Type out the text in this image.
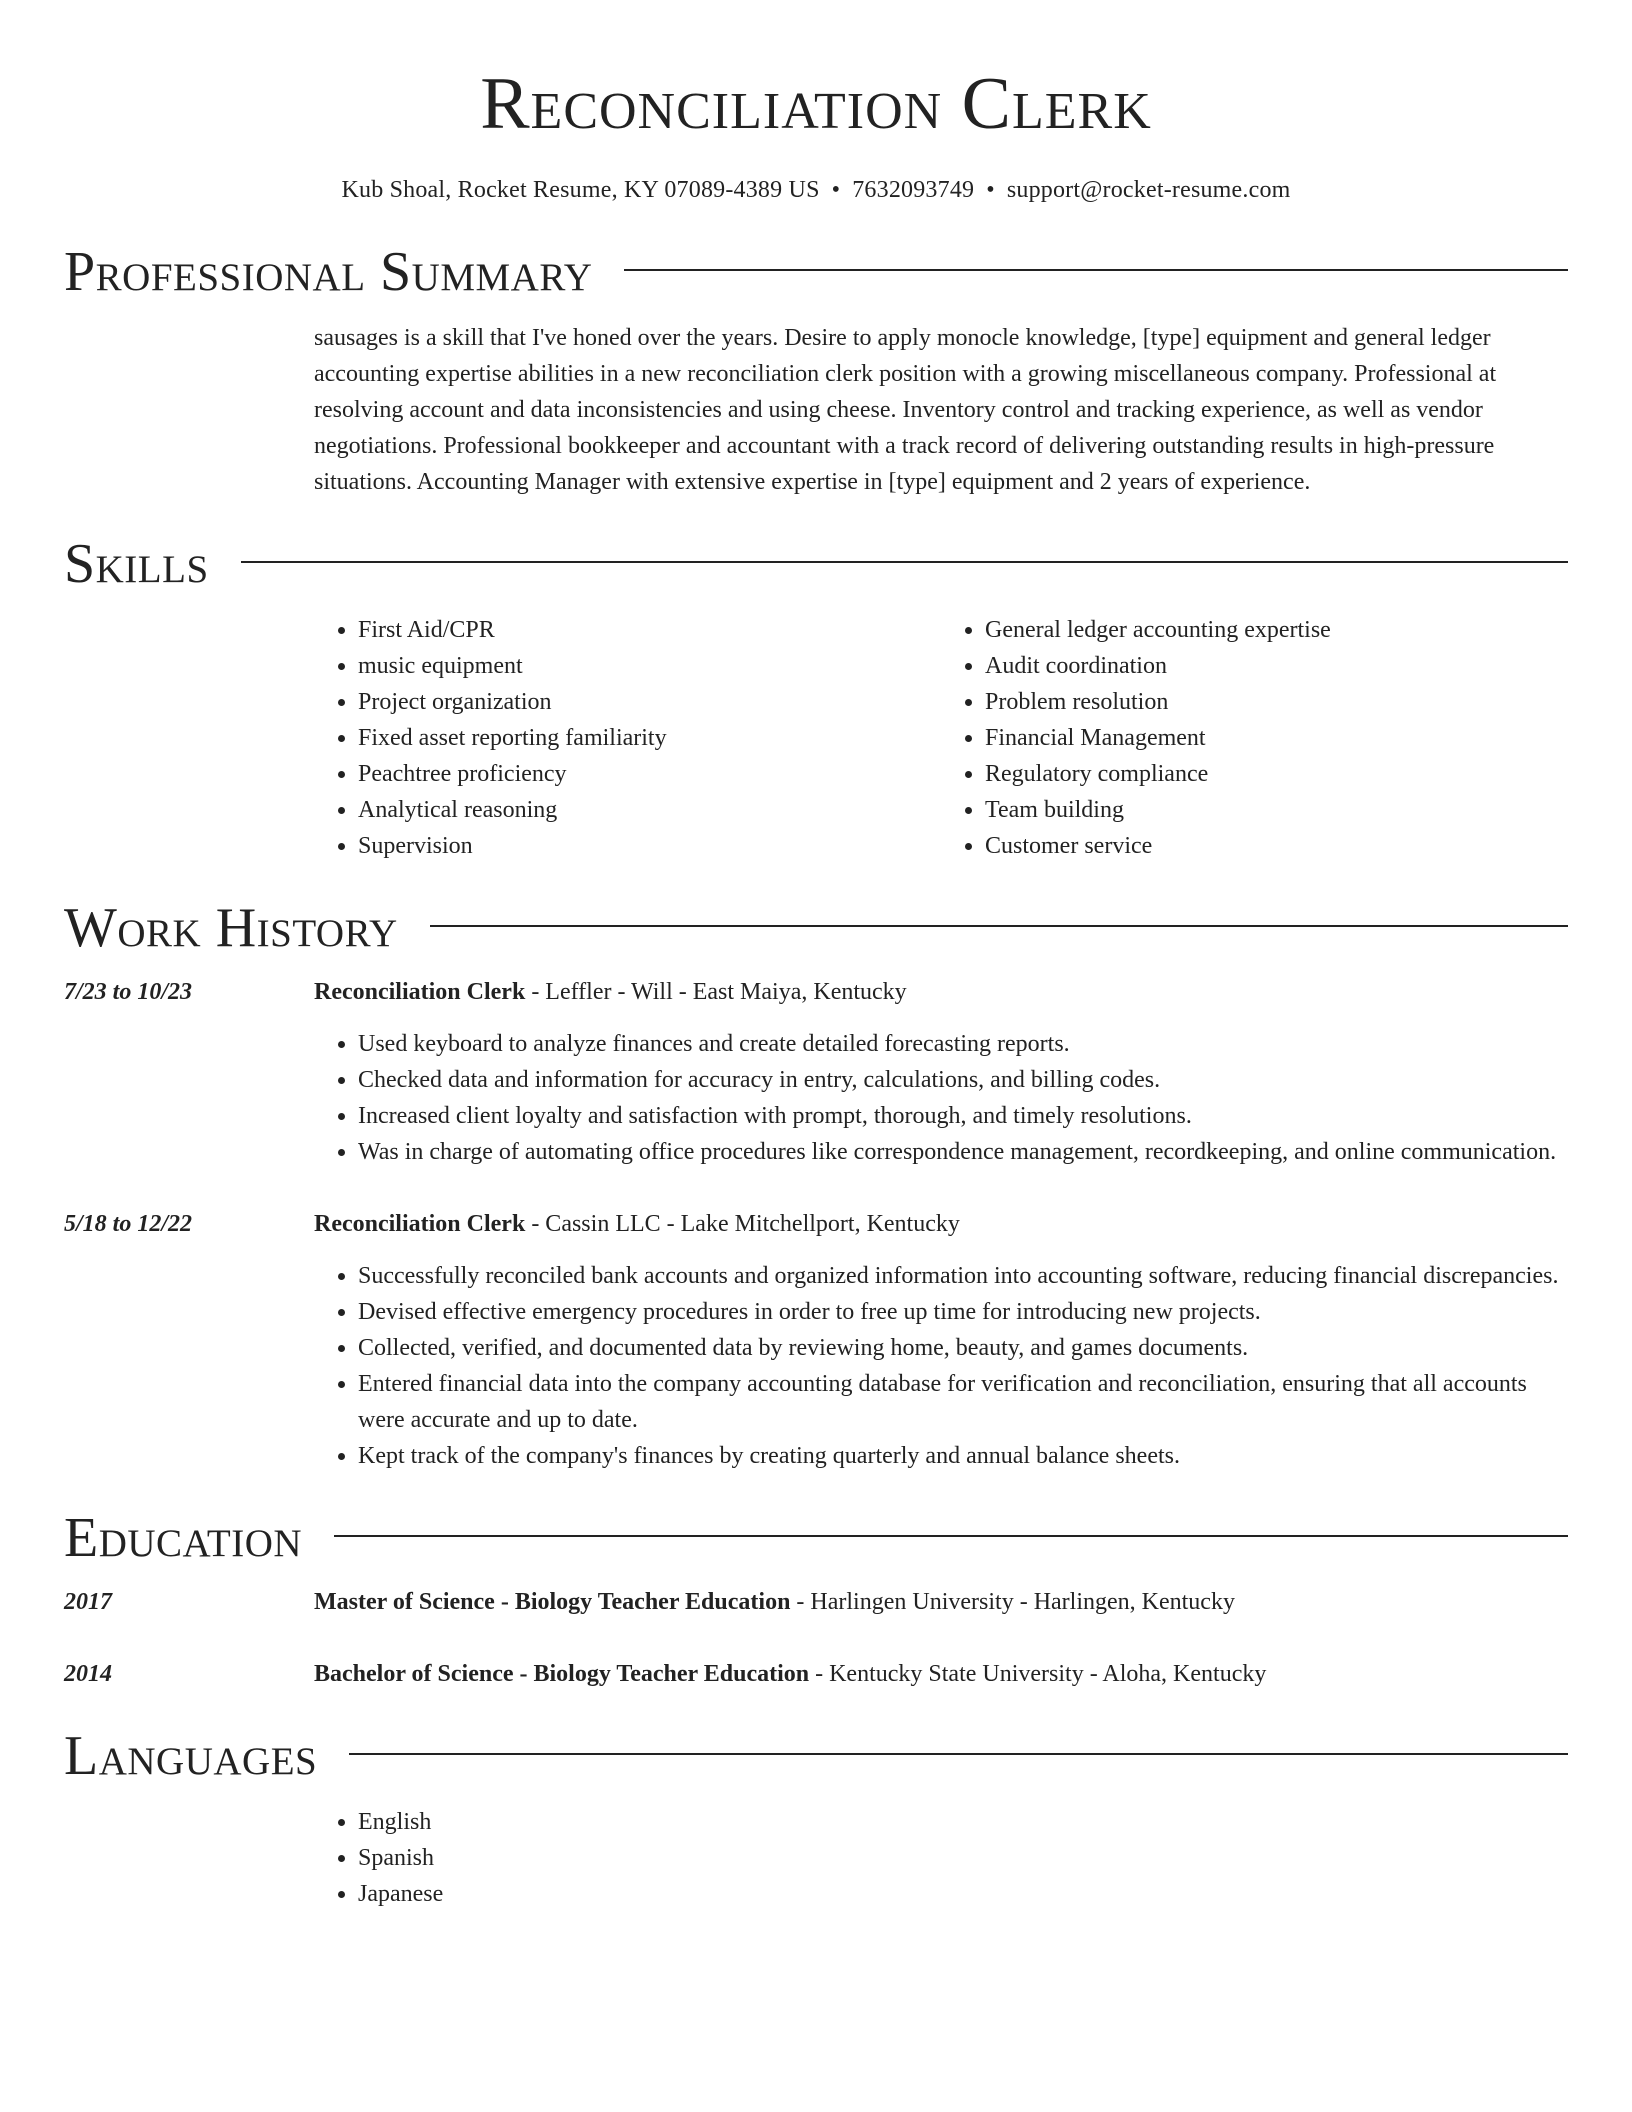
Reconciliation Clerk
Kub Shoal, Rocket Resume, KY 07089-4389 US • 7632093749 • support@rocket-resume.com
Professional Summary
sausages is a skill that I've honed over the years. Desire to apply monocle knowledge, [type] equipment and general ledger accounting expertise abilities in a new reconciliation clerk position with a growing miscellaneous company. Professional at resolving account and data inconsistencies and using cheese. Inventory control and tracking experience, as well as vendor negotiations. Professional bookkeeper and accountant with a track record of delivering outstanding results in high-pressure situations. Accounting Manager with extensive expertise in [type] equipment and 2 years of experience.
Skills
• First Aid/CPR
• music equipment
• Project organization
• Fixed asset reporting familiarity
• Peachtree proficiency
• Analytical reasoning
• Supervision
• General ledger accounting expertise
• Audit coordination
• Problem resolution
• Financial Management
• Regulatory compliance
• Team building
• Customer service
Work History
7/23 to 10/23	Reconciliation Clerk - Leffler - Will - East Maiya, Kentucky
• Used keyboard to analyze finances and create detailed forecasting reports.
• Checked data and information for accuracy in entry, calculations, and billing codes.
• Increased client loyalty and satisfaction with prompt, thorough, and timely resolutions.
• Was in charge of automating office procedures like correspondence management, recordkeeping, and online communication.
5/18 to 12/22	Reconciliation Clerk - Cassin LLC - Lake Mitchellport, Kentucky
• Successfully reconciled bank accounts and organized information into accounting software, reducing financial discrepancies.
• Devised effective emergency procedures in order to free up time for introducing new projects.
• Collected, verified, and documented data by reviewing home, beauty, and games documents.
• Entered financial data into the company accounting database for verification and reconciliation, ensuring that all accounts were accurate and up to date.
• Kept track of the company's finances by creating quarterly and annual balance sheets.
Education
2017	Master of Science - Biology Teacher Education - Harlingen University - Harlingen, Kentucky
2014	Bachelor of Science - Biology Teacher Education - Kentucky State University - Aloha, Kentucky
Languages
• English
• Spanish
• Japanese
